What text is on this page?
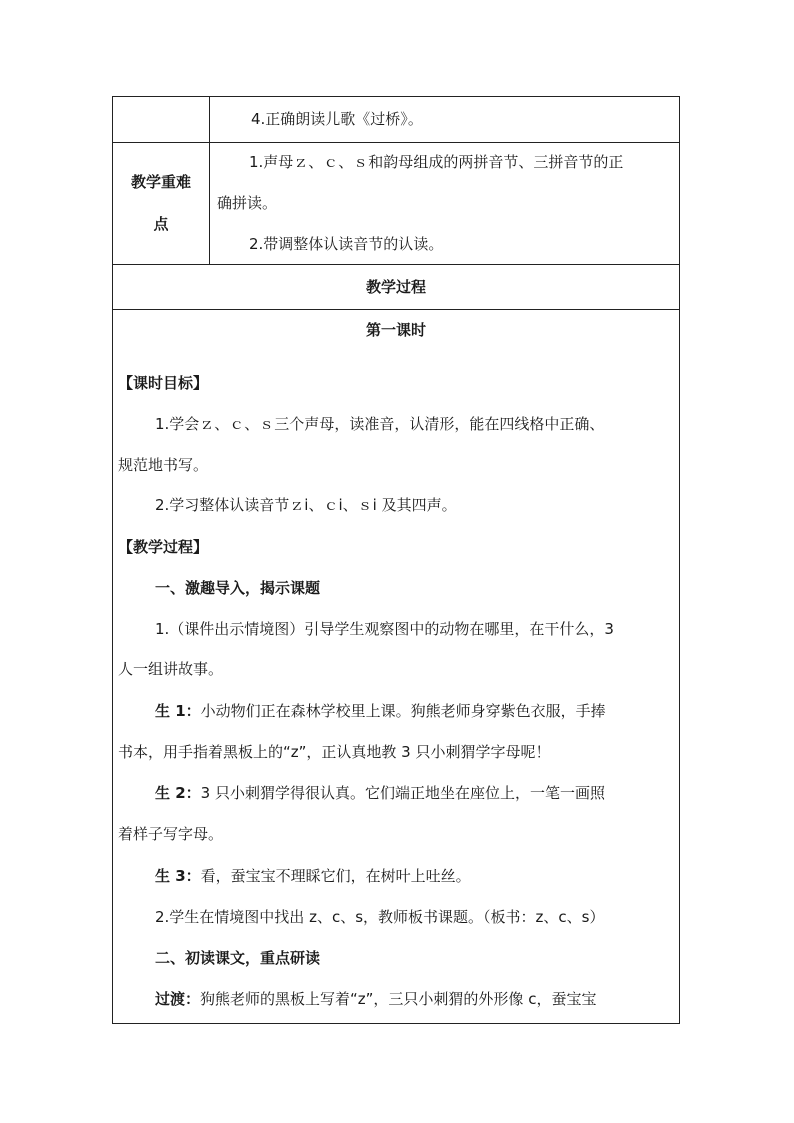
4.正确朗读儿歌《过桥》。
教学重难
点
1.声母ｚ、ｃ、ｓ和韵母组成的两拼音节、三拼音节的正
确拼读。
2.带调整体认读音节的认读。
教学过程
第一课时
【课时目标】
1.学会ｚ、ｃ、ｓ三个声母，读准音，认清形，能在四线格中正确、
规范地书写。
2.学习整体认读音节ｚi、ｃi、ｓi 及其四声。
【教学过程】
一、激趣导入，揭示课题
1.（课件出示情境图）引导学生观察图中的动物在哪里，在干什么，3
人一组讲故事。
生 1：小动物们正在森林学校里上课。狗熊老师身穿紫色衣服，手捧
书本，用手指着黑板上的“z”，正认真地教 3 只小刺猬学字母呢！
生 2：3 只小刺猬学得很认真。它们端正地坐在座位上，一笔一画照
着样子写字母。
生 3：看，蚕宝宝不理睬它们，在树叶上吐丝。
2.学生在情境图中找出 z、c、s，教师板书课题。（板书：z、c、s）
二、初读课文，重点研读
过渡：狗熊老师的黑板上写着“z”，三只小刺猬的外形像 c，蚕宝宝
